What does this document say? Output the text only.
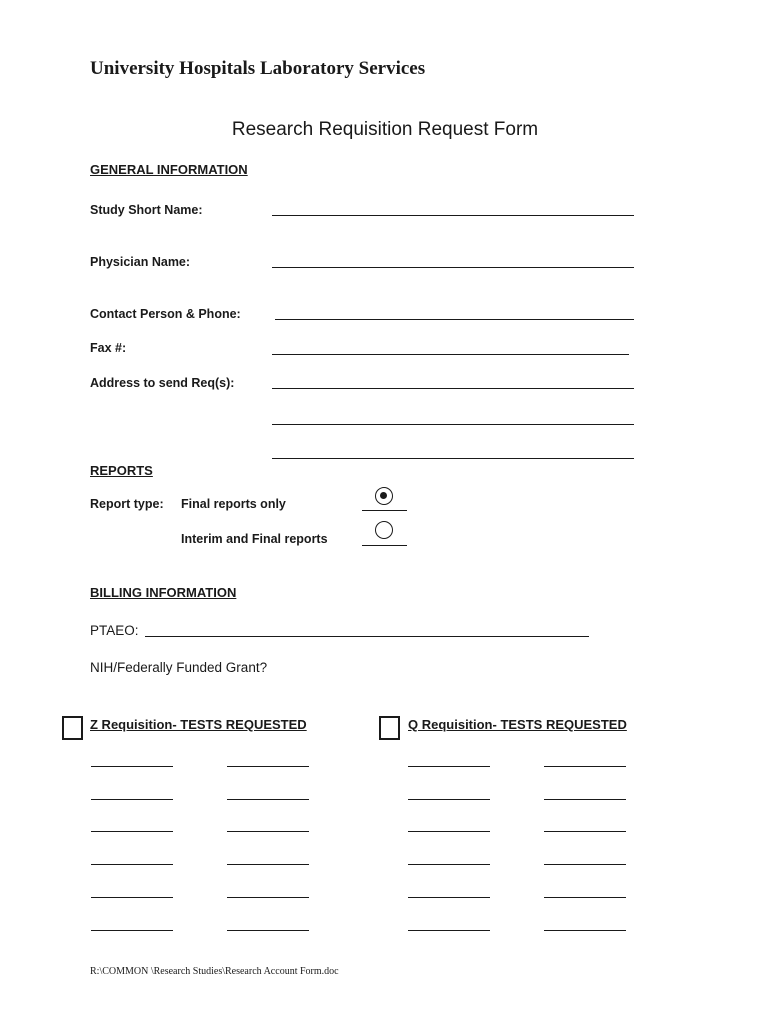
University Hospitals Laboratory Services
Research Requisition Request Form
GENERAL INFORMATION
Study Short Name:
Physician Name:
Contact Person & Phone:
Fax #:
Address to send Req(s):
REPORTS
Report type: Final reports only
Interim and Final reports
BILLING INFORMATION
PTAEO:
NIH/Federally Funded Grant?
Z Requisition- TESTS REQUESTED	Q Requisition- TESTS REQUESTED
R:\COMMON \Research Studies\Research Account Form.doc
